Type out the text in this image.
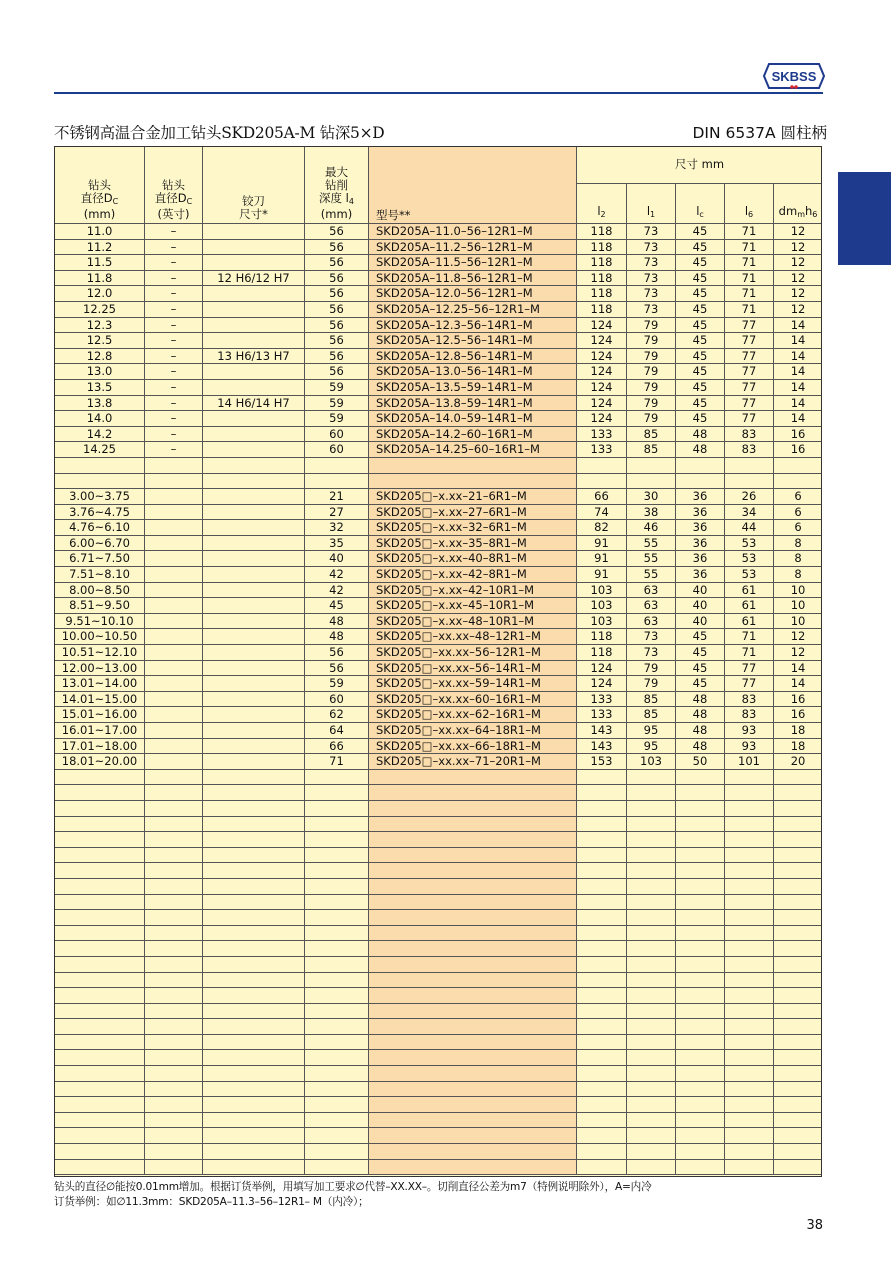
SKBSS
不锈钢高温合金加工钻头SKD205A-M 钻深5×D	DIN 6537A 圆柱柄
钻头
直径$D_C$
(mm)	钻头
直径$D_C$
(英寸)	铰刀
尺寸*	最大
钻削
深度 $l_4$
(mm)	型号**	尺寸 mm				
					$l_2$	$l_1$	$l_c$	$l_6$	$dm_mh_6$
11.0	–		56	SKD205A–11.0–56–12R1–M	118	73	45	71	12
11.2	–		56	SKD205A–11.2–56–12R1–M	118	73	45	71	12
11.5	–		56	SKD205A–11.5–56–12R1–M	118	73	45	71	12
11.8	–	12 H6/12 H7	56	SKD205A–11.8–56–12R1–M	118	73	45	71	12
12.0	–		56	SKD205A–12.0–56–12R1–M	118	73	45	71	12
12.25	–		56	SKD205A–12.25–56–12R1–M	118	73	45	71	12
12.3	–		56	SKD205A–12.3–56–14R1–M	124	79	45	77	14
12.5	–		56	SKD205A–12.5–56–14R1–M	124	79	45	77	14
12.8	–	13 H6/13 H7	56	SKD205A–12.8–56–14R1–M	124	79	45	77	14
13.0	–		56	SKD205A–13.0–56–14R1–M	124	79	45	77	14
13.5	–		59	SKD205A–13.5–59–14R1–M	124	79	45	77	14
13.8	–	14 H6/14 H7	59	SKD205A–13.8–59–14R1–M	124	79	45	77	14
14.0	–		59	SKD205A–14.0–59–14R1–M	124	79	45	77	14
14.2	–		60	SKD205A–14.2–60–16R1–M	133	85	48	83	16
14.25	–		60	SKD205A–14.25–60–16R1–M	133	85	48	83	16

3.00~3.75			21	SKD205□–x.xx–21–6R1–M	66	30	36	26	6
3.76~4.75			27	SKD205□–x.xx–27–6R1–M	74	38	36	34	6
4.76~6.10			32	SKD205□–x.xx–32–6R1–M	82	46	36	44	6
6.00~6.70			35	SKD205□–x.xx–35–8R1–M	91	55	36	53	8
6.71~7.50			40	SKD205□–x.xx–40–8R1–M	91	55	36	53	8
7.51~8.10			42	SKD205□–x.xx–42–8R1–M	91	55	36	53	8
8.00~8.50			42	SKD205□–x.xx–42–10R1–M	103	63	40	61	10
8.51~9.50			45	SKD205□–x.xx–45–10R1–M	103	63	40	61	10
9.51~10.10			48	SKD205□–x.xx–48–10R1–M	103	63	40	61	10
10.00~10.50			48	SKD205□–xx.xx–48–12R1–M	118	73	45	71	12
10.51~12.10			56	SKD205□–xx.xx–56–12R1–M	118	73	45	71	12
12.00~13.00			56	SKD205□–xx.xx–56–14R1–M	124	79	45	77	14
13.01~14.00			59	SKD205□–xx.xx–59–14R1–M	124	79	45	77	14
14.01~15.00			60	SKD205□–xx.xx–60–16R1–M	133	85	48	83	16
15.01~16.00			62	SKD205□–xx.xx–62–16R1–M	133	85	48	83	16
16.01~17.00			64	SKD205□–xx.xx–64–18R1–M	143	95	48	93	18
17.01~18.00			66	SKD205□–xx.xx–66–18R1–M	143	95	48	93	18
18.01~20.00			71	SKD205□–xx.xx–71–20R1–M	153	103	50	101	20

钻头的直径∅能按0.01mm增加。根据订货举例，用填写加工要求∅代替–XX.XX–。切削直径公差为m7（特例说明除外），A=内冷
订货举例：如∅11.3mm：SKD205A–11.3–56–12R1– M（内冷）；
38
